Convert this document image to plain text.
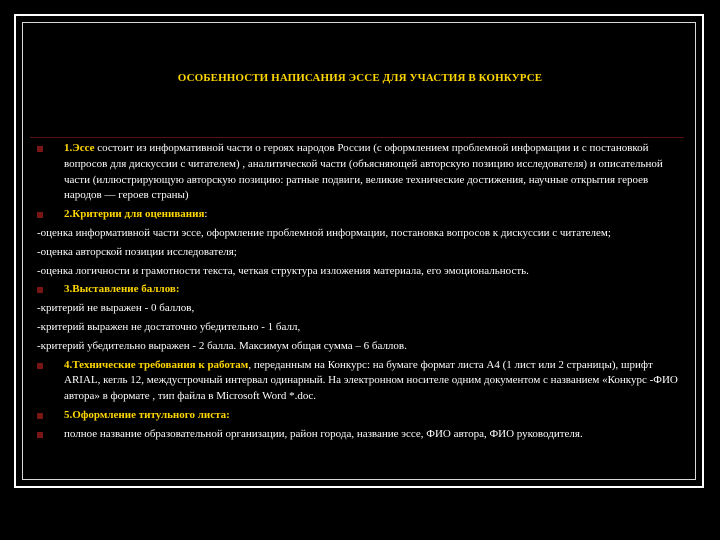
ОСОБЕННОСТИ НАПИСАНИЯ ЭССЕ ДЛЯ УЧАСТИЯ В КОНКУРСЕ
1.Эссе состоит из информативной части о героях народов России (с оформлением проблемной информации и с постановкой вопросов для дискуссии с читателем) , аналитической части (объясняющей авторскую позицию исследователя) и описательной части (иллюстрирующую авторскую позицию: ратные подвиги, великие технические достижения, научные открытия героев народов — героев страны)
2.Критерии для оценивания:
-оценка информативной части эссе, оформление проблемной информации, постановка вопросов к дискуссии с читателем;
-оценка авторской позиции исследователя;
-оценка логичности и грамотности текста, четкая структура изложения материала, его эмоциональность.
3.Выставление баллов:
-критерий не выражен - 0 баллов,
-критерий выражен не достаточно убедительно - 1 балл,
-критерий убедительно выражен - 2 балла. Максимум общая сумма – 6 баллов.
4.Технические требования к работам, переданным на Конкурс: на бумаге формат листа А4 (1 лист или 2 страницы), шрифт ARIAL, кегль 12, междустрочный интервал одинарный. На электронном носителе одним документом с названием «Конкурс -ФИО автора» в формате , тип файла в Microsoft Word *.doc.
5.Оформление титульного листа:
полное название образовательной организации, район города, название эссе, ФИО автора, ФИО руководителя.
